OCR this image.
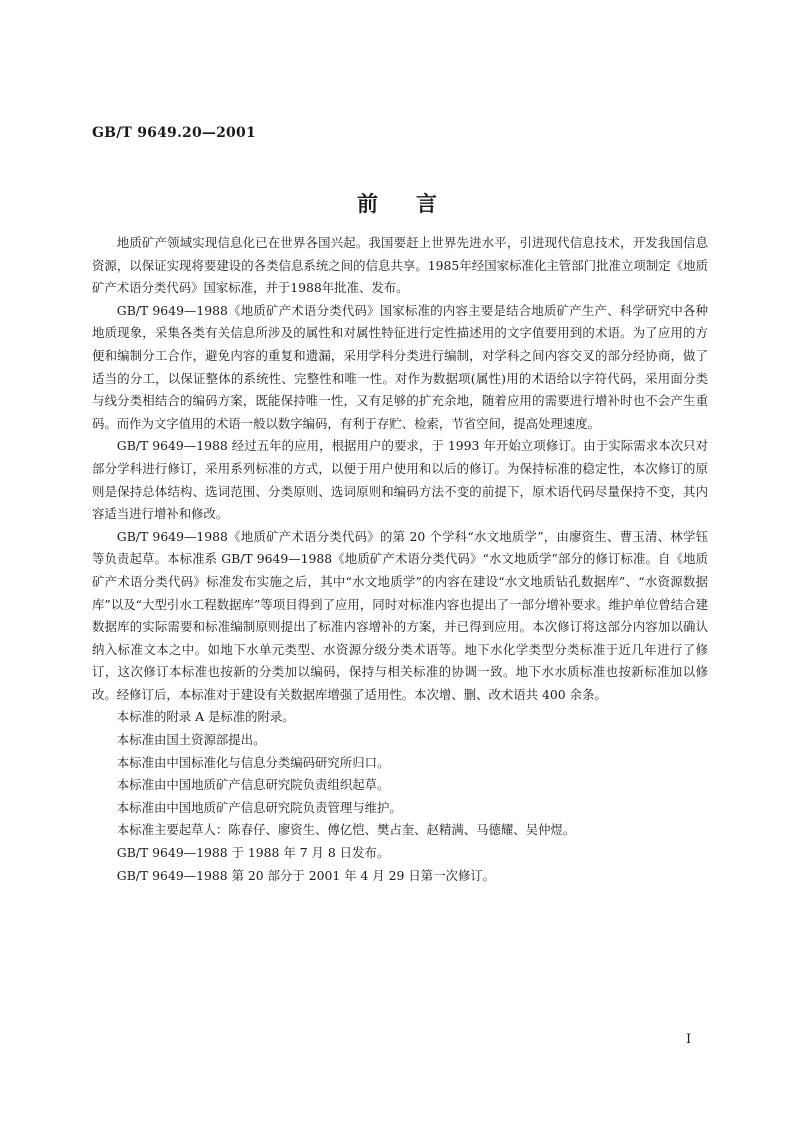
GB/T 9649.20—2001
前言

地质矿产领域实现信息化已在世界各国兴起。我国要赶上世界先进水平，引进现代信息技术，开发我国信息资源，以保证实现将要建设的各类信息系统之间的信息共享。1985年经国家标准化主管部门批准立项制定《地质矿产术语分类代码》国家标准，并于1988年批准、发布。

GB/T 9649—1988《地质矿产术语分类代码》国家标准的内容主要是结合地质矿产生产、科学研究中各种地质现象，采集各类有关信息所涉及的属性和对属性特征进行定性描述用的文字值要用到的术语。为了应用的方便和编制分工合作，避免内容的重复和遗漏，采用学科分类进行编制，对学科之间内容交叉的部分经协商，做了适当的分工，以保证整体的系统性、完整性和唯一性。对作为数据项(属性)用的术语给以字符代码，采用面分类与线分类相结合的编码方案，既能保持唯一性，又有足够的扩充余地，随着应用的需要进行增补时也不会产生重码。而作为文字值用的术语一般以数字编码，有利于存贮、检索，节省空间，提高处理速度。

GB/T 9649—1988 经过五年的应用，根据用户的要求，于 1993 年开始立项修订。由于实际需求本次只对部分学科进行修订，采用系列标准的方式，以便于用户使用和以后的修订。为保持标准的稳定性，本次修订的原则是保持总体结构、选词范围、分类原则、选词原则和编码方法不变的前提下，原术语代码尽量保持不变，其内容适当进行增补和修改。

GB/T 9649—1988《地质矿产术语分类代码》的第 20 个学科“水文地质学”，由廖资生、曹玉清、林学钰等负责起草。本标准系 GB/T 9649—1988《地质矿产术语分类代码》“水文地质学”部分的修订标准。自《地质矿产术语分类代码》标准发布实施之后，其中“水文地质学”的内容在建设“水文地质钻孔数据库”、“水资源数据库”以及“大型引水工程数据库”等项目得到了应用，同时对标准内容也提出了一部分增补要求。维护单位曾结合建数据库的实际需要和标准编制原则提出了标准内容增补的方案，并已得到应用。本次修订将这部分内容加以确认纳入标准文本之中。如地下水单元类型、水资源分级分类术语等。地下水化学类型分类标准于近几年进行了修订，这次修订本标准也按新的分类加以编码，保持与相关标准的协调一致。地下水水质标准也按新标准加以修改。经修订后，本标准对于建设有关数据库增强了适用性。本次增、删、改术语共 400 余条。

本标准的附录 A 是标准的附录。

本标准由国土资源部提出。

本标准由中国标准化与信息分类编码研究所归口。

本标准由中国地质矿产信息研究院负责组织起草。

本标准由中国地质矿产信息研究院负责管理与维护。

本标准主要起草人：陈春仔、廖资生、傅亿恺、樊占奎、赵精满、马德耀、吴仲煜。

GB/T 9649—1988 于 1988 年 7 月 8 日发布。

GB/T 9649—1988 第 20 部分于 2001 年 4 月 29 日第一次修订。

I
